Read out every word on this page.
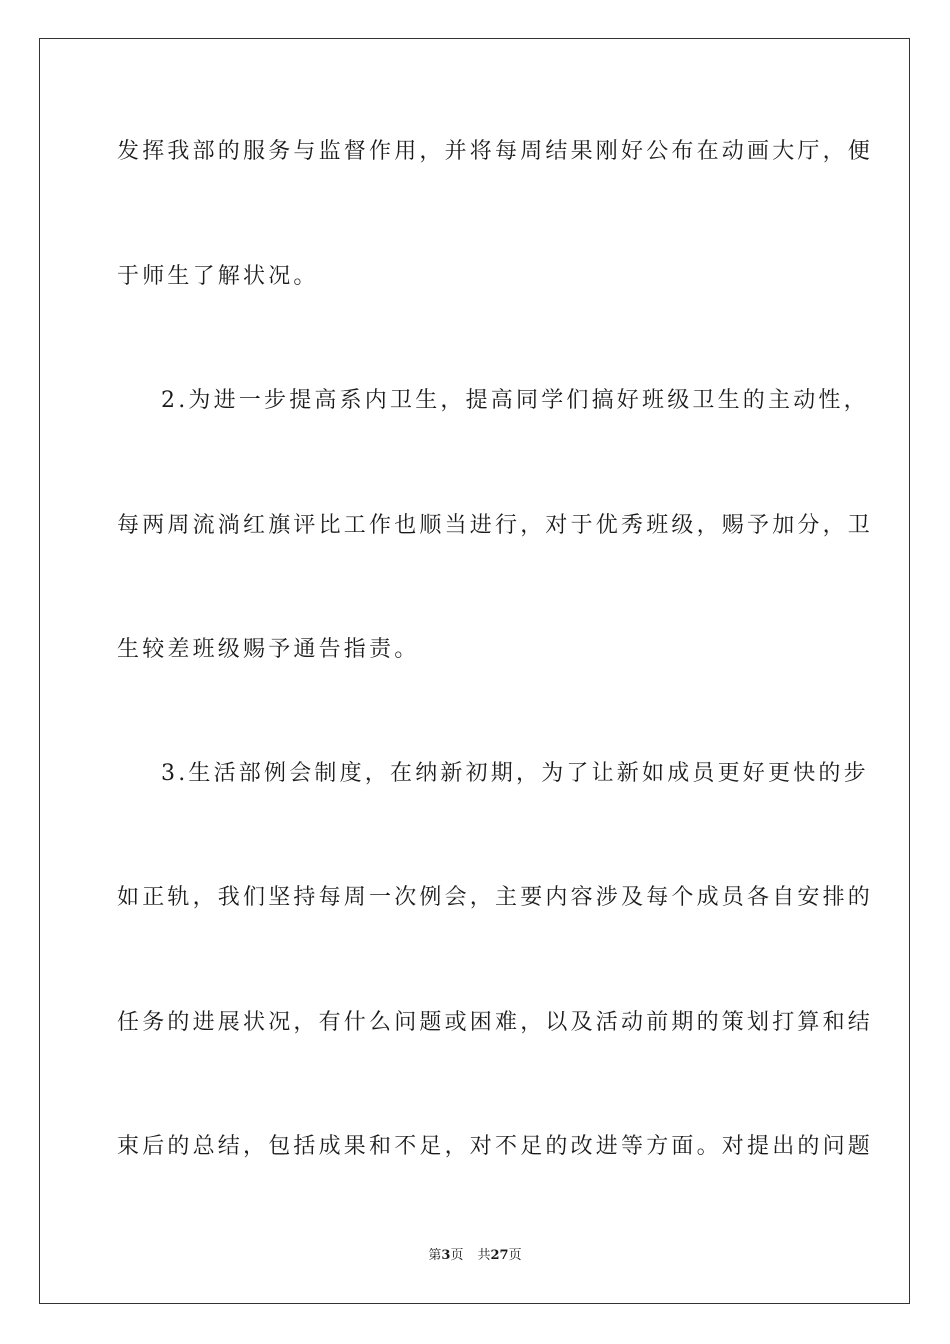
发挥我部的服务与监督作用，并将每周结果刚好公布在动画大厅，便
于师生了解状况。
2.为进一步提高系内卫生，提高同学们搞好班级卫生的主动性，
每两周流淌红旗评比工作也顺当进行，对于优秀班级，赐予加分，卫
生较差班级赐予通告指责。
3.生活部例会制度，在纳新初期，为了让新如成员更好更快的步
如正轨，我们坚持每周一次例会，主要内容涉及每个成员各自安排的
任务的进展状况，有什么问题或困难，以及活动前期的策划打算和结
束后的总结，包括成果和不足，对不足的改进等方面。对提出的问题
第3页 共27页
